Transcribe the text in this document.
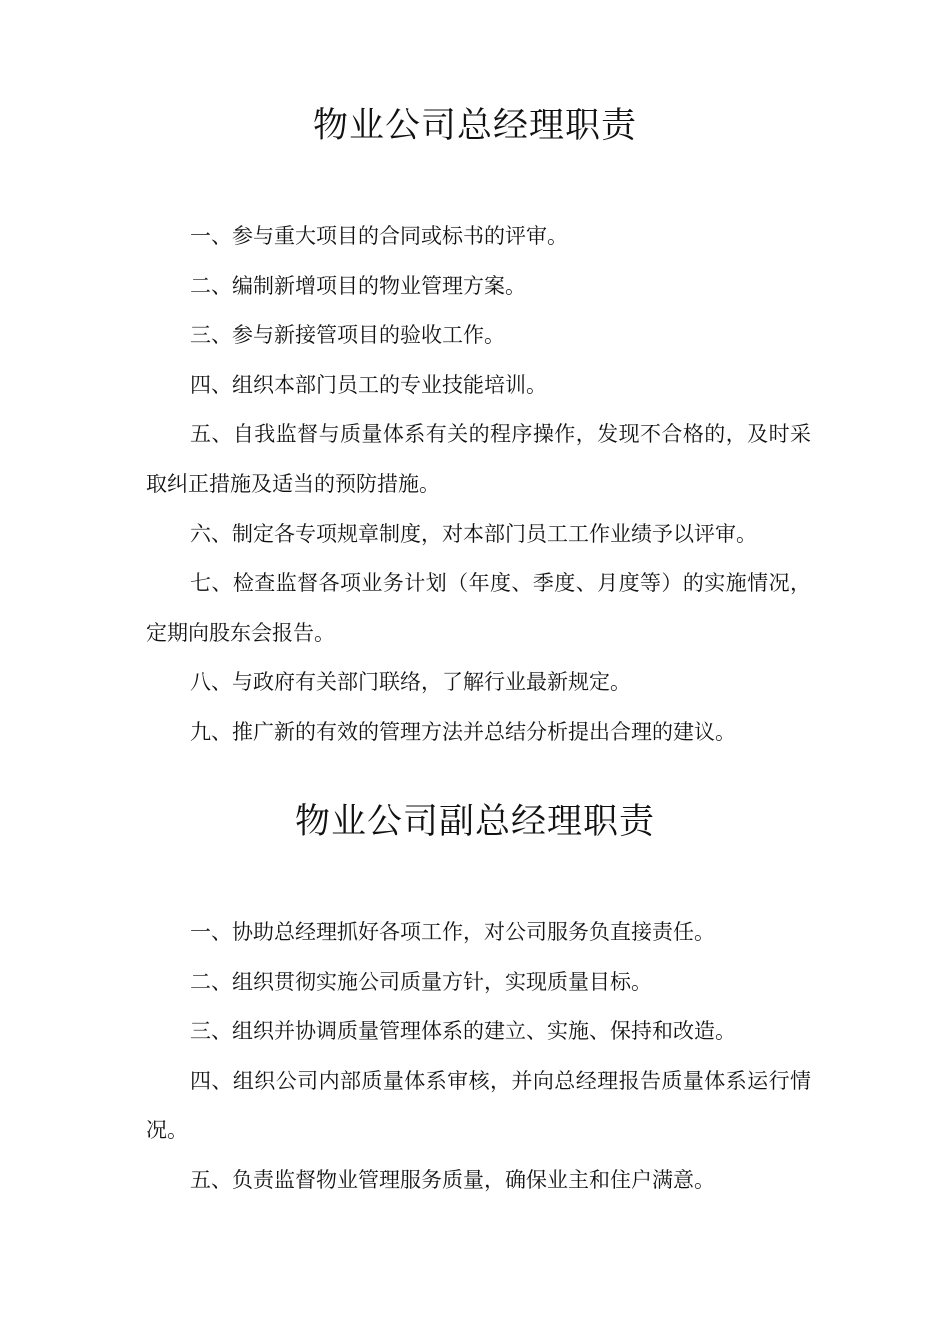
物业公司总经理职责

一、参与重大项目的合同或标书的评审。

二、编制新增项目的物业管理方案。

三、参与新接管项目的验收工作。

四、组织本部门员工的专业技能培训。

五、自我监督与质量体系有关的程序操作，发现不合格的，及时采取纠正措施及适当的预防措施。

六、制定各专项规章制度，对本部门员工工作业绩予以评审。

七、检查监督各项业务计划（年度、季度、月度等）的实施情况，定期向股东会报告。

八、与政府有关部门联络，了解行业最新规定。

九、推广新的有效的管理方法并总结分析提出合理的建议。

物业公司副总经理职责

一、协助总经理抓好各项工作，对公司服务负直接责任。

二、组织贯彻实施公司质量方针，实现质量目标。

三、组织并协调质量管理体系的建立、实施、保持和改造。

四、组织公司内部质量体系审核，并向总经理报告质量体系运行情况。

五、负责监督物业管理服务质量，确保业主和住户满意。
